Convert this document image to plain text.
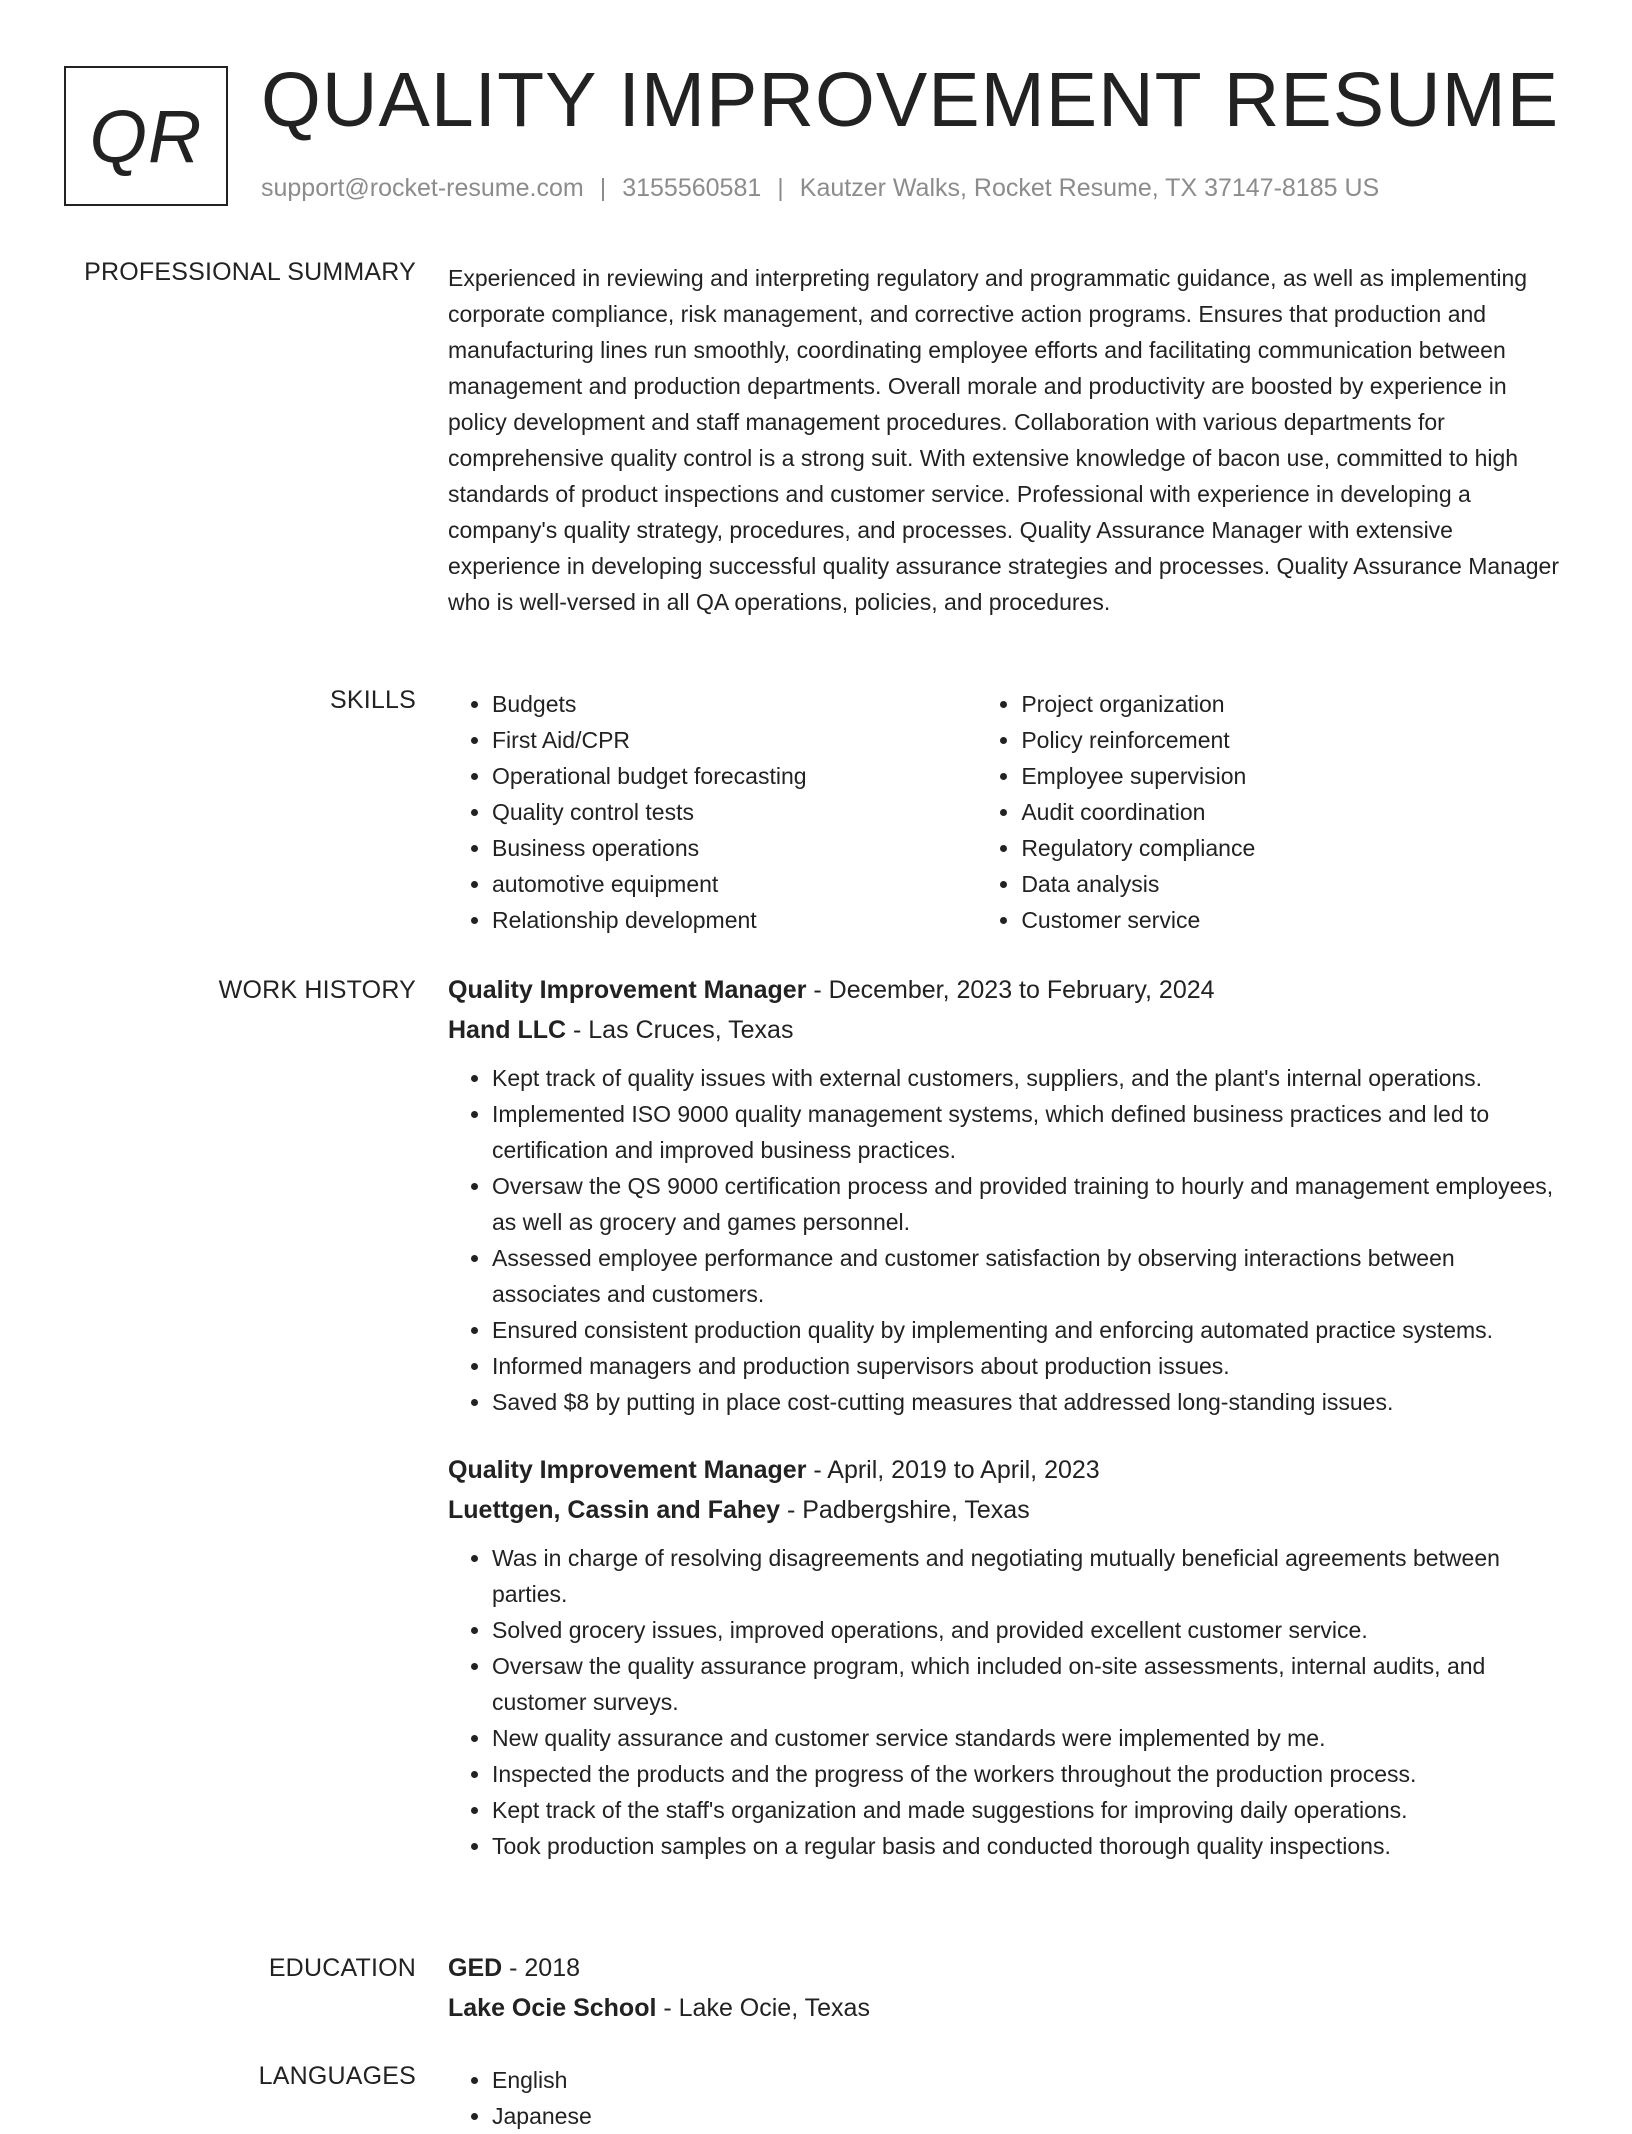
QR QUALITY IMPROVEMENT RESUME
support@rocket-resume.com | 3155560581 | Kautzer Walks, Rocket Resume, TX 37147-8185 US
PROFESSIONAL SUMMARY Experienced in reviewing and interpreting regulatory and programmatic guidance, as well as implementing corporate compliance, risk management, and corrective action programs. Ensures that production and manufacturing lines run smoothly, coordinating employee efforts and facilitating communication between management and production departments. Overall morale and productivity are boosted by experience in policy development and staff management procedures. Collaboration with various departments for comprehensive quality control is a strong suit. With extensive knowledge of bacon use, committed to high standards of product inspections and customer service. Professional with experience in developing a company's quality strategy, procedures, and processes. Quality Assurance Manager with extensive experience in developing successful quality assurance strategies and processes. Quality Assurance Manager who is well-versed in all QA operations, policies, and procedures.

SKILLS	• Budgets
• First Aid/CPR
• Operational budget forecasting
• Quality control tests
• Business operations
• automotive equipment
• Relationship development
• Project organization
• Policy reinforcement
• Employee supervision
• Audit coordination
• Regulatory compliance
• Data analysis
• Customer service
WORK HISTORY Quality Improvement Manager - December, 2023 to February, 2024
Hand LLC - Las Cruces, Texas
• Kept track of quality issues with external customers, suppliers, and the plant's internal operations.
• Implemented ISO 9000 quality management systems, which defined business practices and led to certification and improved business practices.
• Oversaw the QS 9000 certification process and provided training to hourly and management employees, as well as grocery and games personnel.
• Assessed employee performance and customer satisfaction by observing interactions between associates and customers.
• Ensured consistent production quality by implementing and enforcing automated practice systems.
• Informed managers and production supervisors about production issues.
• Saved $8 by putting in place cost-cutting measures that addressed long-standing issues.
Quality Improvement Manager - April, 2019 to April, 2023
Luettgen, Cassin and Fahey - Padbergshire, Texas
• Was in charge of resolving disagreements and negotiating mutually beneficial agreements between parties.
• Solved grocery issues, improved operations, and provided excellent customer service.
• Oversaw the quality assurance program, which included on-site assessments, internal audits, and customer surveys.
• New quality assurance and customer service standards were implemented by me.
• Inspected the products and the progress of the workers throughout the production process.
• Kept track of the staff's organization and made suggestions for improving daily operations.
• Took production samples on a regular basis and conducted thorough quality inspections.
EDUCATION GED - 2018
Lake Ocie School - Lake Ocie, Texas
LANGUAGES	• English
• Japanese
